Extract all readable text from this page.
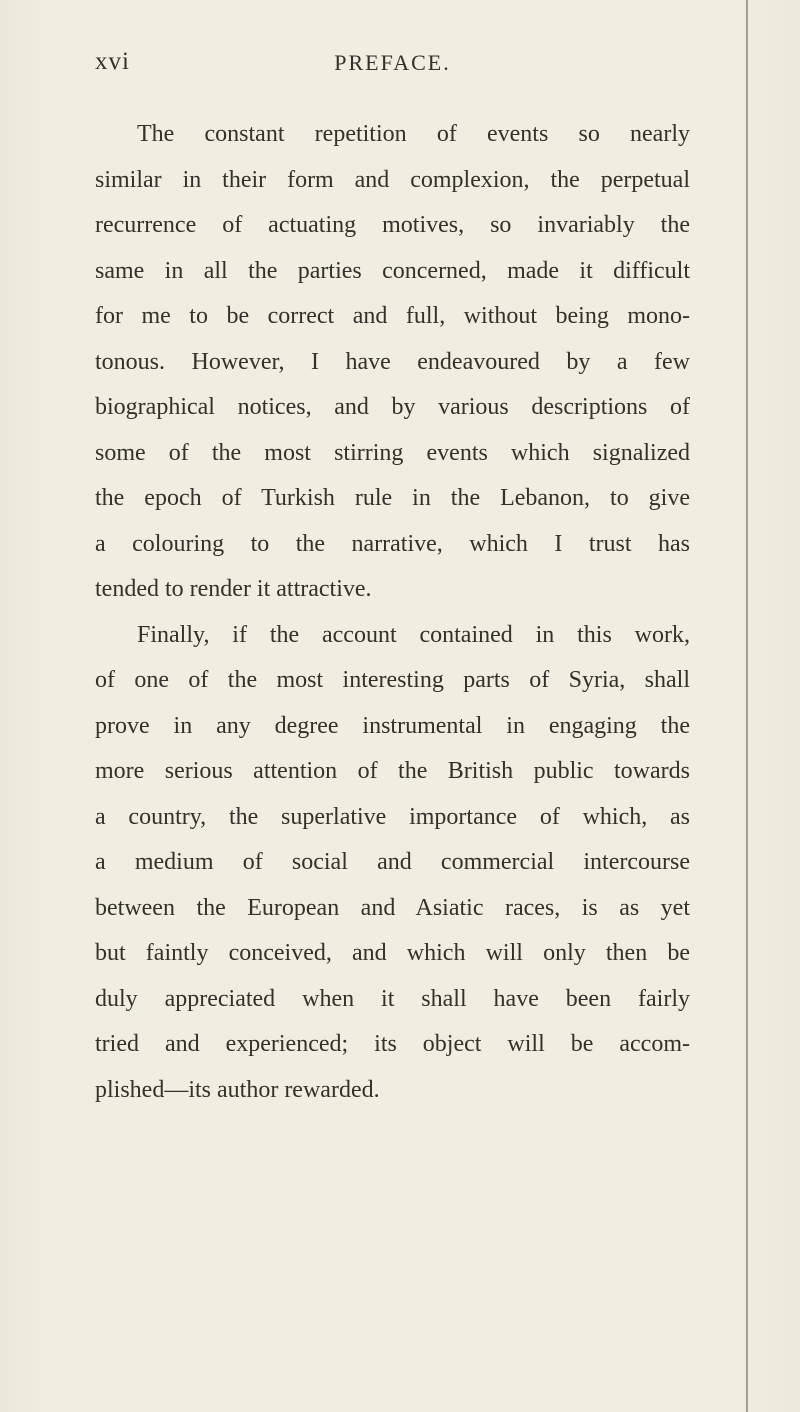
xvi	PREFACE.

The constant repetition of events so nearly
similar in their form and complexion, the perpetual
recurrence of actuating motives, so invariably the
same in all the parties concerned, made it difficult
for me to be correct and full, without being mono-
tonous. However, I have endeavoured by a few
biographical notices, and by various descriptions of
some of the most stirring events which signalized
the epoch of Turkish rule in the Lebanon, to give
a colouring to the narrative, which I trust has
tended to render it attractive.

Finally, if the account contained in this work,
of one of the most interesting parts of Syria, shall
prove in any degree instrumental in engaging the
more serious attention of the British public towards
a country, the superlative importance of which, as
a medium of social and commercial intercourse
between the European and Asiatic races, is as yet
but faintly conceived, and which will only then be
duly appreciated when it shall have been fairly
tried and experienced; its object will be accom-
plished—its author rewarded.
